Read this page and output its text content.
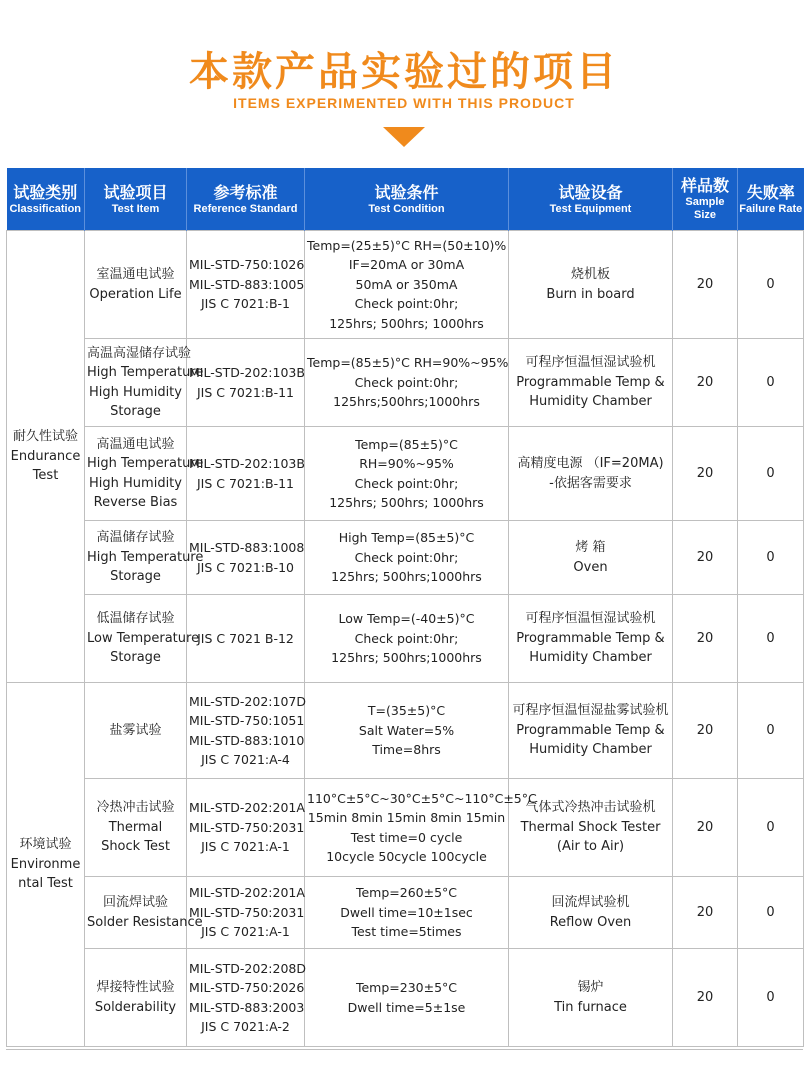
本款产品实验过的项目
ITEMS EXPERIMENTED WITH THIS PRODUCT
试验类别
Classification	试验项目
Test Item	参考标准
Reference Standard	试验条件
Test Condition	试验设备
Test Equipment	样品数
Sample Size	失败率
Failure Rate

耐久性试验
Endurance
Test	室温通电试验
Operation Life	MIL-STD-750:1026
MIL-STD-883:1005
JIS C 7021:B-1	Temp=(25±5)°C RH=(50±10)%
IF=20mA or 30mA
50mA or 350mA
Check point:0hr;
125hrs; 500hrs; 1000hrs	烧机板
Burn in board	20	0

	高温高湿储存试验
High Temperature
High Humidity
Storage	MIL-STD-202:103B
JIS C 7021:B-11	Temp=(85±5)°C RH=90%~95%
Check point:0hr;
125hrs;500hrs;1000hrs	可程序恒温恒湿试验机
Programmable Temp &
Humidity Chamber	20	0

	高温通电试验
High Temperature
High Humidity
Reverse Bias	MIL-STD-202:103B
JIS C 7021:B-11	Temp=(85±5)°C
RH=90%~95%
Check point:0hr;
125hrs; 500hrs; 1000hrs	高精度电源 （IF=20MA)
-依据客需要求	20	0

	高温储存试验
High Temperature
Storage	MIL-STD-883:1008
JIS C 7021:B-10	High Temp=(85±5)°C
Check point:0hr;
125hrs; 500hrs;1000hrs	烤 箱
Oven	20	0

	低温储存试验
Low Temperature
Storage	JIS C 7021 B-12	Low Temp=(-40±5)°C
Check point:0hr;
125hrs; 500hrs;1000hrs	可程序恒温恒湿试验机
Programmable Temp &
Humidity Chamber	20	0

环境试验
Environme
ntal Test	盐雾试验	MIL-STD-202:107D
MIL-STD-750:1051
MIL-STD-883:1010
JIS C 7021:A-4	T=(35±5)°C
Salt Water=5%
Time=8hrs	可程序恒温恒湿盐雾试验机
Programmable Temp &
Humidity Chamber	20	0

	冷热冲击试验
Thermal
Shock Test	MIL-STD-202:201A
MIL-STD-750:2031
JIS C 7021:A-1	110°C±5°C~30°C±5°C~110°C±5°C
15min 8min 15min 8min 15min
Test time=0 cycle
10cycle 50cycle 100cycle	气体式冷热冲击试验机
Thermal Shock Tester
(Air to Air)	20	0

	回流焊试验
Solder Resistance	MIL-STD-202:201A
MIL-STD-750:2031
JIS C 7021:A-1	Temp=260±5°C
Dwell time=10±1sec
Test time=5times	回流焊试验机
Reflow Oven	20	0

	焊接特性试验
Solderability	MIL-STD-202:208D
MIL-STD-750:2026
MIL-STD-883:2003
JIS C 7021:A-2	Temp=230±5°C
Dwell time=5±1se	锡炉
Tin furnace	20	0
